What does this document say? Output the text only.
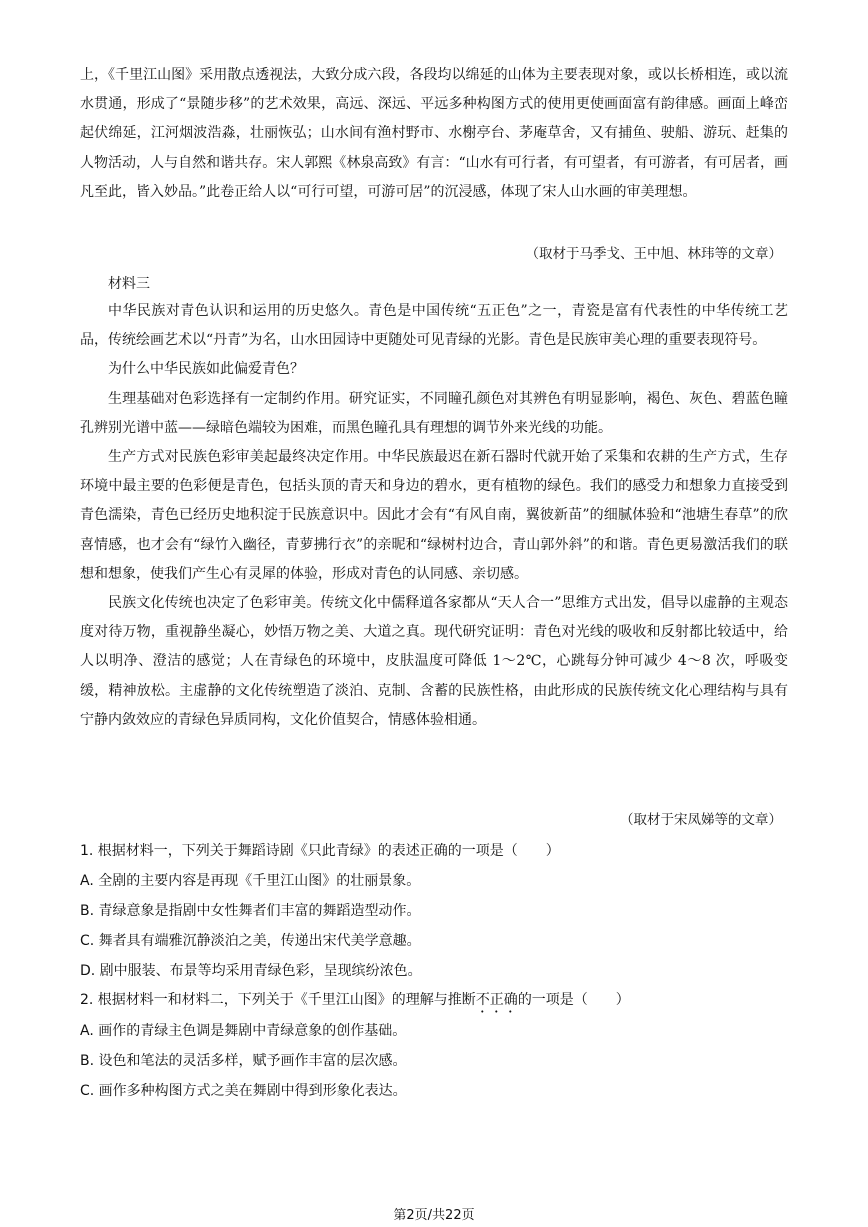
上，《千里江山图》采用散点透视法，大致分成六段，各段均以绵延的山体为主要表现对象，或以长桥相连，或以流水贯通，形成了“景随步移”的艺术效果，高远、深远、平远多种构图方式的使用更使画面富有韵律感。画面上峰峦起伏绵延，江河烟波浩淼，壮丽恢弘；山水间有渔村野市、水榭亭台、茅庵草舍，又有捕鱼、驶船、游玩、赶集的人物活动，人与自然和谐共存。宋人郭熙《林泉高致》有言：“山水有可行者，有可望者，有可游者，有可居者，画凡至此，皆入妙品。”此卷正给人以“可行可望，可游可居”的沉浸感，体现了宋人山水画的审美理想。

（取材于马季戈、王中旭、林玮等的文章）
材料三

中华民族对青色认识和运用的历史悠久。青色是中国传统“五正色”之一，青瓷是富有代表性的中华传统工艺品，传统绘画艺术以“丹青”为名，山水田园诗中更随处可见青绿的光影。青色是民族审美心理的重要表现符号。

为什么中华民族如此偏爱青色？

生理基础对色彩选择有一定制约作用。研究证实，不同瞳孔颜色对其辨色有明显影响，褐色、灰色、碧蓝色瞳孔辨别光谱中蓝——绿暗色端较为困难，而黑色瞳孔具有理想的调节外来光线的功能。

生产方式对民族色彩审美起最终决定作用。中华民族最迟在新石器时代就开始了采集和农耕的生产方式，生存环境中最主要的色彩便是青色，包括头顶的青天和身边的碧水，更有植物的绿色。我们的感受力和想象力直接受到青色濡染，青色已经历史地积淀于民族意识中。因此才会有“有风自南，翼彼新苗”的细腻体验和“池塘生春草”的欣喜情感，也才会有“绿竹入幽径，青萝拂行衣”的亲昵和“绿树村边合，青山郭外斜”的和谐。青色更易激活我们的联想和想象，使我们产生心有灵犀的体验，形成对青色的认同感、亲切感。

民族文化传统也决定了色彩审美。传统文化中儒释道各家都从“天人合一”思维方式出发，倡导以虚静的主观态度对待万物，重视静坐凝心，妙悟万物之美、大道之真。现代研究证明：青色对光线的吸收和反射都比较适中，给人以明净、澄洁的感觉；人在青绿色的环境中，皮肤温度可降低 1～2℃，心跳每分钟可减少 4～8 次，呼吸变缓，精神放松。主虚静的文化传统塑造了淡泊、克制、含蓄的民族性格，由此形成的民族传统文化心理结构与具有宁静内敛效应的青绿色异质同构，文化价值契合，情感体验相通。

（取材于宋凤娣等的文章）
1. 根据材料一，下列关于舞蹈诗剧《只此青绿》的表述正确的一项是（　　）
A. 全剧的主要内容是再现《千里江山图》的壮丽景象。
B. 青绿意象是指剧中女性舞者们丰富的舞蹈造型动作。
C. 舞者具有端雅沉静淡泊之美，传递出宋代美学意趣。
D. 剧中服装、布景等均采用青绿色彩，呈现缤纷浓色。
2. 根据材料一和材料二，下列关于《千里江山图》的理解与推断不正确的一项是（　　）
A. 画作的青绿主色调是舞剧中青绿意象的创作基础。
B. 设色和笔法的灵活多样，赋予画作丰富的层次感。
C. 画作多种构图方式之美在舞剧中得到形象化表达。
第2页/共22页
